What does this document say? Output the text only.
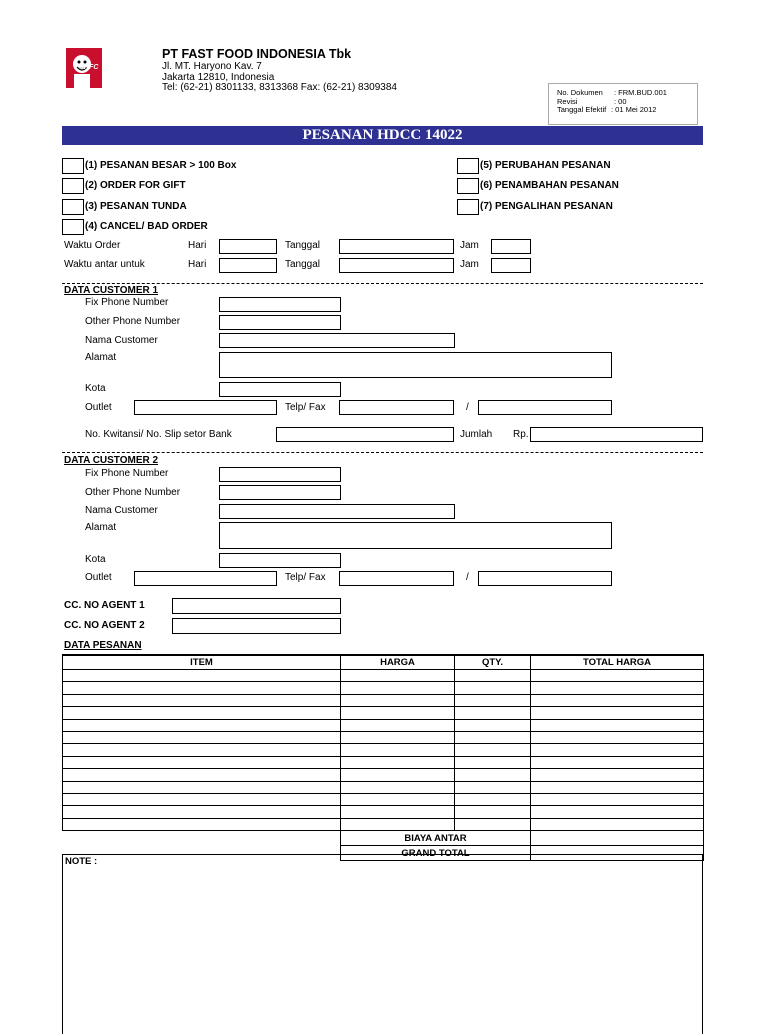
KFC
PT FAST FOOD INDONESIA Tbk
Jl. MT. Haryono Kav. 7
Jakarta 12810, Indonesia
Tel: (62-21) 8301133, 8313368 Fax: (62-21) 8309384	No. Dokumen : FRM.BUD.001
Revisi	: 00
Tanggal Efektif : 01 Mei 2012
PESANAN HDCC 14022
(1) PESANAN BESAR > 100 Box
(2) ORDER FOR GIFT
(3) PESANAN TUNDA
(4) CANCEL/ BAD ORDER
(5) PERUBAHAN PESANAN
(6) PENAMBAHAN PESANAN
(7) PENGALIHAN PESANAN
Waktu Order	Hari	Tanggal	Jam
Waktu antar untuk	Hari	Tanggal	Jam
DATA CUSTOMER 1
Fix Phone Number
Other Phone Number
Nama Customer
Alamat
Kota
Outlet	Telp/ Fax	/
No. Kwitansi/ No. Slip setor Bank	Jumlah Rp.
DATA CUSTOMER 2
Fix Phone Number
Other Phone Number
Nama Customer
Alamat
Kota
Outlet	Telp/ Fax	/
CC. NO AGENT 1
CC. NO AGENT 2
DATA PESANAN
ITEM	HARGA	QTY.	TOTAL HARGA

	BIAYA ANTAR		
	GRAND TOTAL		
NOTE :
